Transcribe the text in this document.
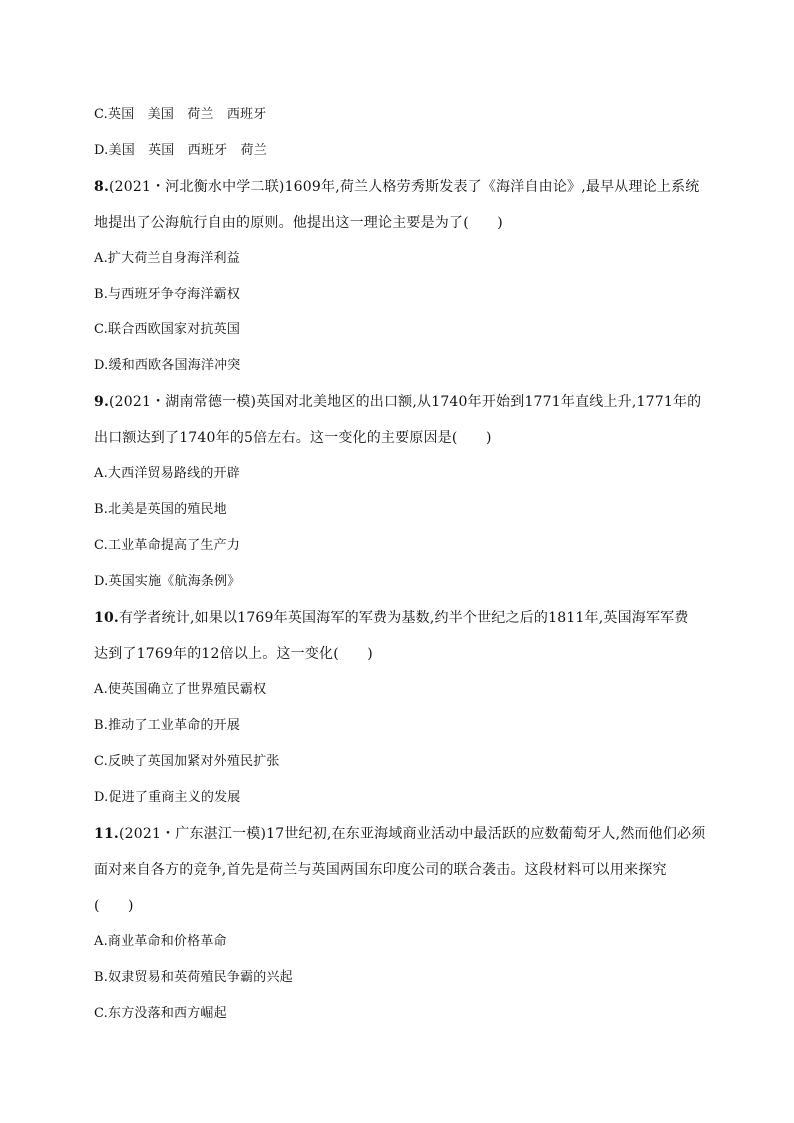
C.英国　美国　荷兰　西班牙
D.美国　英国　西班牙　荷兰
8.(2021・河北衡水中学二联)1609年,荷兰人格劳秀斯发表了《海洋自由论》,最早从理论上系统
地提出了公海航行自由的原则。他提出这一理论主要是为了(　　)
A.扩大荷兰自身海洋利益
B.与西班牙争夺海洋霸权
C.联合西欧国家对抗英国
D.缓和西欧各国海洋冲突
9.(2021・湖南常德一模)英国对北美地区的出口额,从1740年开始到1771年直线上升,1771年的
出口额达到了1740年的5倍左右。这一变化的主要原因是(　　)
A.大西洋贸易路线的开辟
B.北美是英国的殖民地
C.工业革命提高了生产力
D.英国实施《航海条例》
10.有学者统计,如果以1769年英国海军的军费为基数,约半个世纪之后的1811年,英国海军军费
达到了1769年的12倍以上。这一变化(　　)
A.使英国确立了世界殖民霸权
B.推动了工业革命的开展
C.反映了英国加紧对外殖民扩张
D.促进了重商主义的发展
11.(2021・广东湛江一模)17世纪初,在东亚海域商业活动中最活跃的应数葡萄牙人,然而他们必须
面对来自各方的竞争,首先是荷兰与英国两国东印度公司的联合袭击。这段材料可以用来探究
(　　)
A.商业革命和价格革命
B.奴隶贸易和英荷殖民争霸的兴起
C.东方没落和西方崛起
